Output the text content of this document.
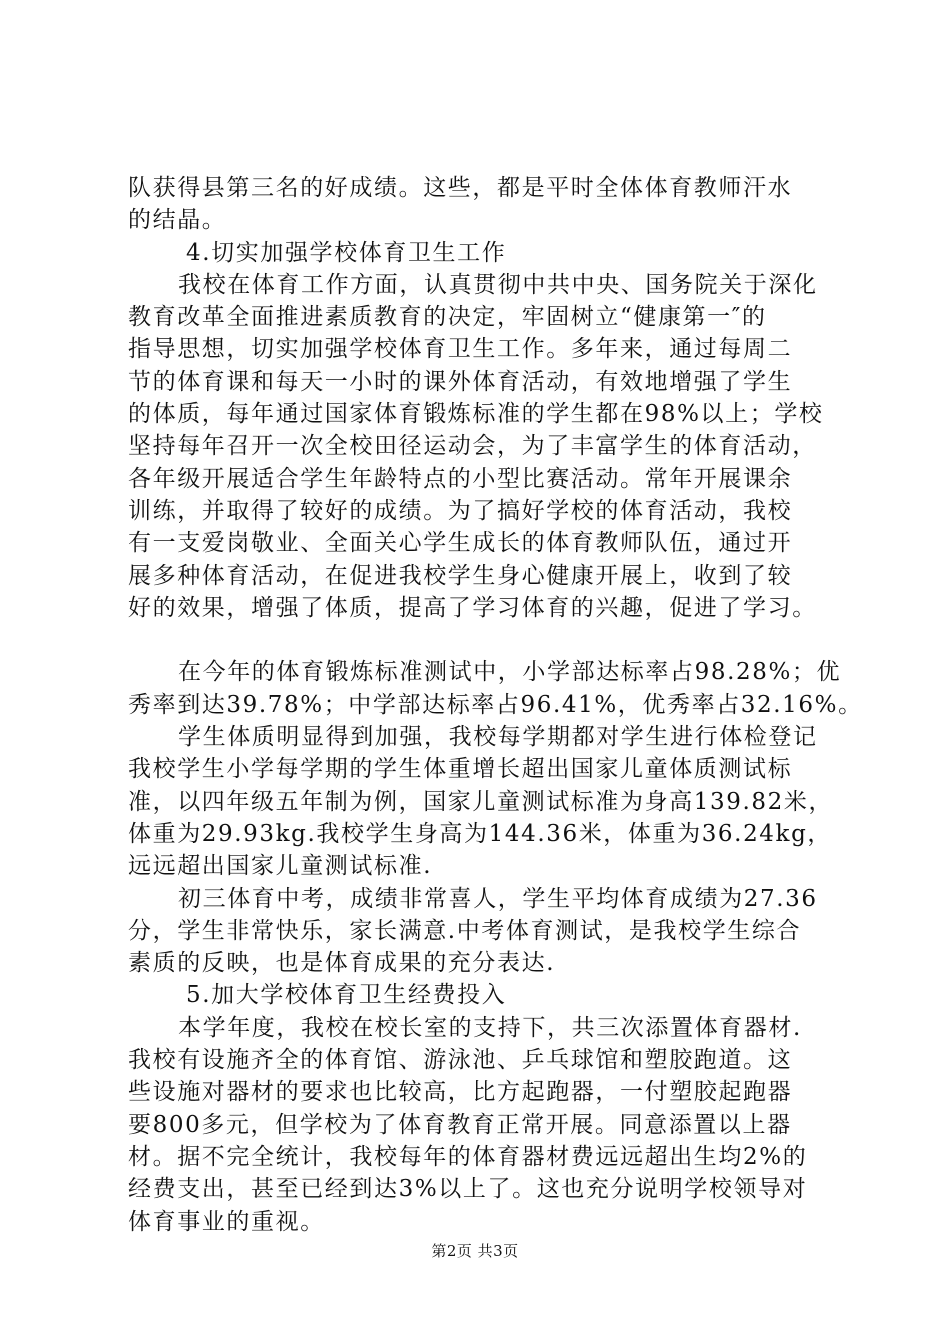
队获得县第三名的好成绩。这些，都是平时全体体育教师汗水
的结晶。
4.切实加强学校体育卫生工作
我校在体育工作方面，认真贯彻中共中央、国务院关于深化
教育改革全面推进素质教育的决定，牢固树立“健康第一″的
指导思想，切实加强学校体育卫生工作。多年来，通过每周二
节的体育课和每天一小时的课外体育活动，有效地增强了学生
的体质，每年通过国家体育锻炼标准的学生都在98%以上；学校
坚持每年召开一次全校田径运动会，为了丰富学生的体育活动，
各年级开展适合学生年龄特点的小型比赛活动。常年开展课余
训练，并取得了较好的成绩。为了搞好学校的体育活动，我校
有一支爱岗敬业、全面关心学生成长的体育教师队伍，通过开
展多种体育活动，在促进我校学生身心健康开展上，收到了较
好的效果，增强了体质，提高了学习体育的兴趣，促进了学习。
在今年的体育锻炼标准测试中，小学部达标率占98.28%；优
秀率到达39.78%；中学部达标率占96.41%，优秀率占32.16%。
学生体质明显得到加强，我校每学期都对学生进行体检登记
我校学生小学每学期的学生体重增长超出国家儿童体质测试标
准，以四年级五年制为例，国家儿童测试标准为身高139.82米，
体重为29.93kg.我校学生身高为144.36米，体重为36.24kg，
远远超出国家儿童测试标准.
初三体育中考，成绩非常喜人，学生平均体育成绩为27.36
分，学生非常快乐，家长满意.中考体育测试，是我校学生综合
素质的反映，也是体育成果的充分表达.
5.加大学校体育卫生经费投入
本学年度，我校在校长室的支持下，共三次添置体育器材.
我校有设施齐全的体育馆、游泳池、乒乓球馆和塑胶跑道。这
些设施对器材的要求也比较高，比方起跑器，一付塑胶起跑器
要800多元，但学校为了体育教育正常开展。同意添置以上器
材。据不完全统计，我校每年的体育器材费远远超出生均2%的
经费支出，甚至已经到达3%以上了。这也充分说明学校领导对
体育事业的重视。
第2页 共3页
